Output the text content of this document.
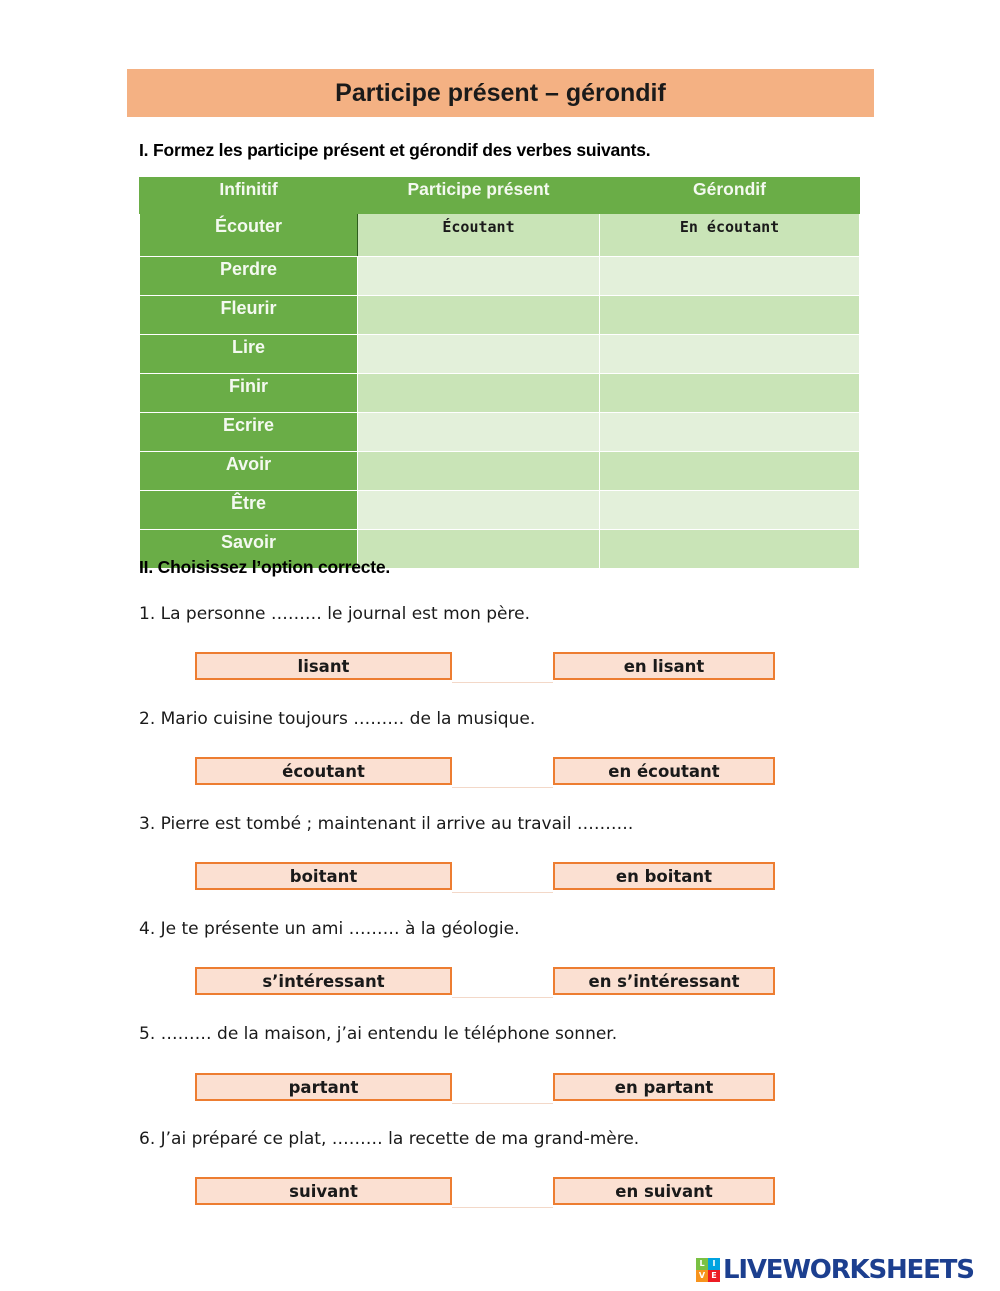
Participe présent – gérondif
I. Formez les participe présent et gérondif des verbes suivants.
Infinitif	Participe présent	Gérondif
Écouter	Écoutant	En écoutant
Perdre		
Fleurir		
Lire		
Finir		
Ecrire		
Avoir		
Être		
Savoir		
II. Choisissez l’option correcte.
1. La personne ……… le journal est mon père.
lisant	en lisant
2. Mario cuisine toujours ……… de la musique.
écoutant	en écoutant
3. Pierre est tombé ; maintenant il arrive au travail ……….
boitant	en boitant
4. Je te présente un ami ……… à la géologie.
s’intéressant	en s’intéressant
5. ……… de la maison, j’ai entendu le téléphone sonner.
partant	en partant
6. J’ai préparé ce plat, ……… la recette de ma grand-mère.
suivant	en suivant
L I
V E LIVEWORKSHEETS
